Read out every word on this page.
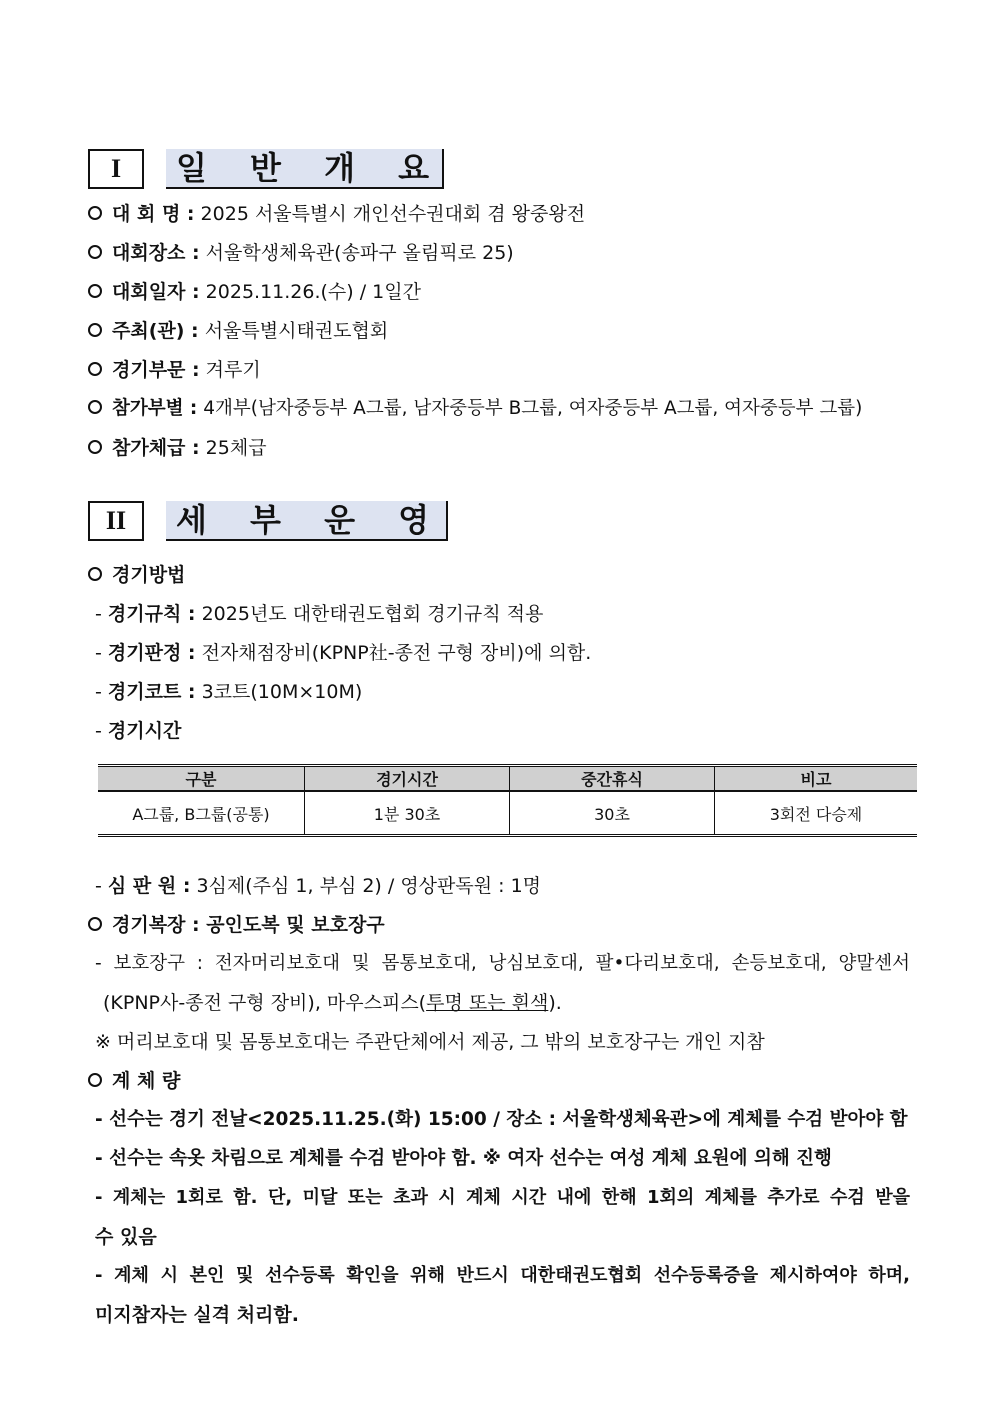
I	일 반 개 요
대 회 명 : 2025 서울특별시 개인선수권대회 겸 왕중왕전
대회장소 : 서울학생체육관(송파구 올림픽로 25)
대회일자 : 2025.11.26.(수) / 1일간
주최(관) : 서울특별시태권도협회
경기부문 : 겨루기
참가부별 : 4개부(남자중등부 A그룹, 남자중등부 B그룹, 여자중등부 A그룹, 여자중등부 그룹)
참가체급 : 25체급
II	세 부 운 영
경기방법
- 경기규칙 : 2025년도 대한태권도협회 경기규칙 적용
- 경기판정 : 전자채점장비(KPNP社-종전 구형 장비)에 의함.
- 경기코트 : 3코트(10M×10M)
- 경기시간
구분	경기시간	중간휴식	비고
A그룹, B그룹(공통)	1분 30초	30초	3회전 다승제
- 심 판 원 : 3심제(주심 1, 부심 2) / 영상판독원 : 1명
경기복장 : 공인도복 및 보호장구
- 보호장구 : 전자머리보호대 및 몸통보호대, 낭심보호대, 팔•다리보호대, 손등보호대, 양말센서
(KPNP사-종전 구형 장비), 마우스피스(투명 또는 흰색).
※ 머리보호대 및 몸통보호대는 주관단체에서 제공, 그 밖의 보호장구는 개인 지참
계 체 량
- 선수는 경기 전날<2025.11.25.(화) 15:00 / 장소 : 서울학생체육관>에 계체를 수검 받아야 함
- 선수는 속옷 차림으로 계체를 수검 받아야 함. ※ 여자 선수는 여성 계체 요원에 의해 진행
- 계체는 1회로 함. 단, 미달 또는 초과 시 계체 시간 내에 한해 1회의 계체를 추가로 수검 받을
수 있음
- 계체 시 본인 및 선수등록 확인을 위해 반드시 대한태권도협회 선수등록증을 제시하여야 하며,
미지참자는 실격 처리함.
